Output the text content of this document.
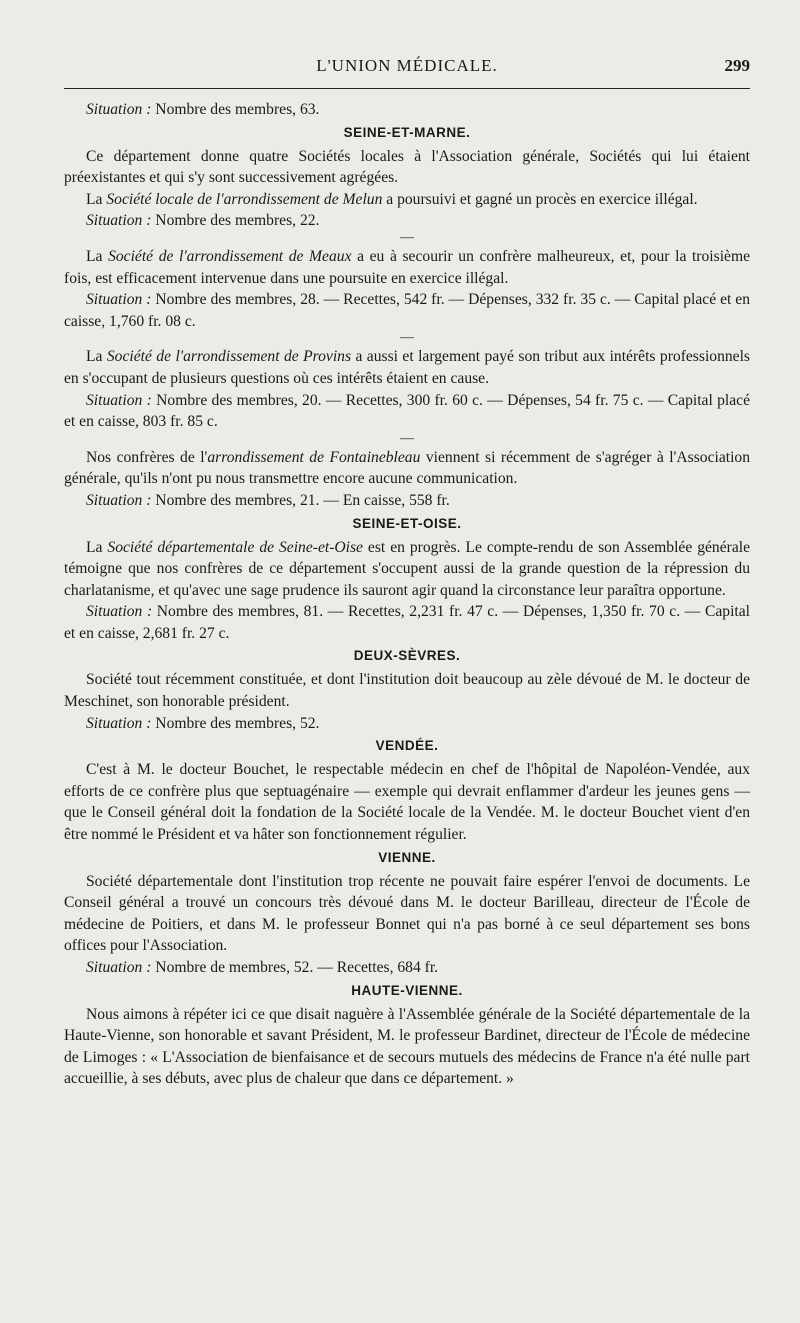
L'UNION MÉDICALE.	299

Situation : Nombre des membres, 63.

SEINE-ET-MARNE.

Ce département donne quatre Sociétés locales à l'Association générale, Sociétés qui lui étaient préexistantes et qui s'y sont successivement agrégées.

La Société locale de l'arrondissement de Melun a poursuivi et gagné un procès en exercice illégal.

Situation : Nombre des membres, 22.

—

La Société de l'arrondissement de Meaux a eu à secourir un confrère malheureux, et, pour la troisième fois, est efficacement intervenue dans une poursuite en exercice illégal.

Situation : Nombre des membres, 28. — Recettes, 542 fr. — Dépenses, 332 fr. 35 c. — Capital placé et en caisse, 1,760 fr. 08 c.

—

La Société de l'arrondissement de Provins a aussi et largement payé son tribut aux intérêts professionnels en s'occupant de plusieurs questions où ces intérêts étaient en cause.

Situation : Nombre des membres, 20. — Recettes, 300 fr. 60 c. — Dépenses, 54 fr. 75 c. — Capital placé et en caisse, 803 fr. 85 c.

—

Nos confrères de l'arrondissement de Fontainebleau viennent si récemment de s'agréger à l'Association générale, qu'ils n'ont pu nous transmettre encore aucune communication.

Situation : Nombre des membres, 21. — En caisse, 558 fr.

SEINE-ET-OISE.

La Société départementale de Seine-et-Oise est en progrès. Le compte-rendu de son Assemblée générale témoigne que nos confrères de ce département s'occupent aussi de la grande question de la répression du charlatanisme, et qu'avec une sage prudence ils sauront agir quand la circonstance leur paraîtra opportune.

Situation : Nombre des membres, 81. — Recettes, 2,231 fr. 47 c. — Dépenses, 1,350 fr. 70 c. — Capital et en caisse, 2,681 fr. 27 c.

DEUX-SÈVRES.

Société tout récemment constituée, et dont l'institution doit beaucoup au zèle dévoué de M. le docteur de Meschinet, son honorable président.

Situation : Nombre des membres, 52.

VENDÉE.

C'est à M. le docteur Bouchet, le respectable médecin en chef de l'hôpital de Napoléon-Vendée, aux efforts de ce confrère plus que septuagénaire — exemple qui devrait enflammer d'ardeur les jeunes gens — que le Conseil général doit la fondation de la Société locale de la Vendée. M. le docteur Bouchet vient d'en être nommé le Président et va hâter son fonctionnement régulier.

VIENNE.

Société départementale dont l'institution trop récente ne pouvait faire espérer l'envoi de documents. Le Conseil général a trouvé un concours très dévoué dans M. le docteur Barilleau, directeur de l'École de médecine de Poitiers, et dans M. le professeur Bonnet qui n'a pas borné à ce seul département ses bons offices pour l'Association.

Situation : Nombre de membres, 52. — Recettes, 684 fr.

HAUTE-VIENNE.

Nous aimons à répéter ici ce que disait naguère à l'Assemblée générale de la Société départementale de la Haute-Vienne, son honorable et savant Président, M. le professeur Bardinet, directeur de l'École de médecine de Limoges : « L'Association de bienfaisance et de secours mutuels des médecins de France n'a été nulle part accueillie, à ses débuts, avec plus de chaleur que dans ce département. »
